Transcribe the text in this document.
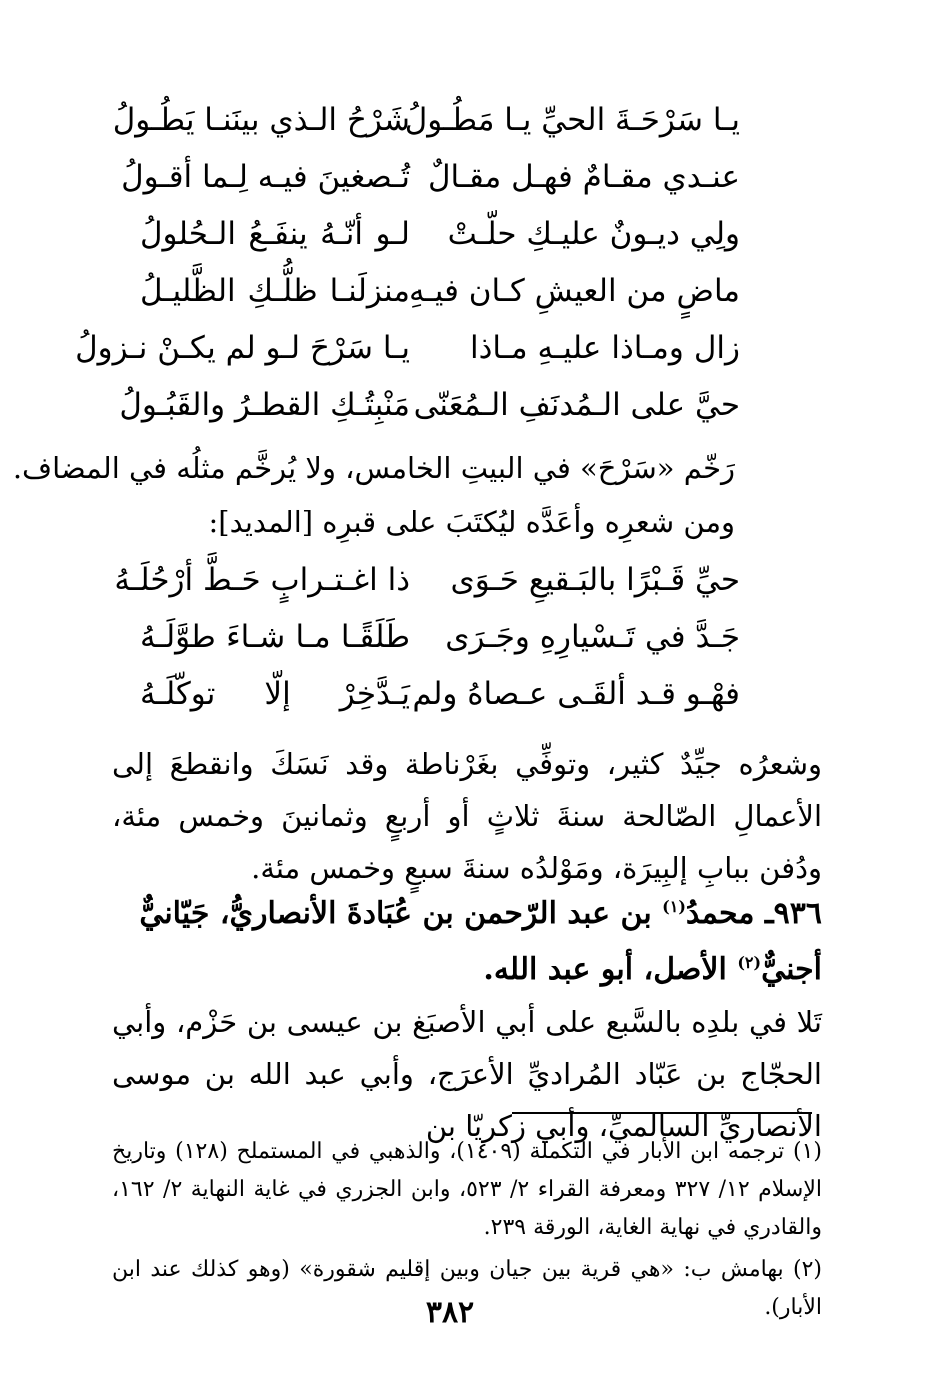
يـا سَرْحَـةَ الحيِّ يـا مَطُـولُ
شَرْحُ الـذي بينَنـا يَطُـولُ
عنـدي مقـامٌ فهـل مقـالٌ
تُـصغينَ فيـه لِـما أقـولُ
ولِي ديـونٌ عليـكِ حلّـتْ
لـو أنّـهُ ينفَـعُ الـحُلولُ
ماضٍ من العيشِ كـان فيـهِ
منزلَنـا ظلُّـكِ الظَّليـلُ
زال ومـاذا عليـهِ مـاذا
يـا سَرْحَ لـو لم يكـنْ نـزولُ
حيَّ على الـمُدنَفِ الـمُعَنّى
مَنْبِتُـكِ القطـرُ والقَبُـولُ
رَخّم «سَرْحَ» في البيتِ الخامس، ولا يُرخَّم مثلُه في المضاف.
ومن شعرِه وأعَدَّه ليُكتَبَ على قبرِه [المديد]:
حيِّ قَـبْرًا بالبَـقيعِ حَـوَى
ذا اغـتـرابٍ حَـطَّ أرْحُلَـهُ
جَـدَّ في تَـسْيارِهِ وجَـرَى
طَلَقًـا مـا شـاءَ طوَّلَـهُ
فهْـو قـد ألقَـى عـصاهُ ولم
يَـدَّخِرْ إلّا توكّلَـهُ

وشعرُه جيِّدٌ كثير، وتوفِّي بغَرْناطة وقد نَسَكَ وانقطعَ إلى الأعمالِ الصّالحة سنةَ ثلاثٍ أو أربعٍ وثمانينَ وخمس مئة، ودُفن ببابِ إلبِيرَة، ومَوْلدُه سنةَ سبعٍ وخمس مئة.

٩٣٦ـ محمدُ$^{(١)}$ بن عبد الرّحمن بن عُبَادةَ الأنصاريُّ، جَيّانيٌّ أجنيٌّ$^{(٢)}$ الأصل، أبو عبد الله.

تَلا في بلدِه بالسَّبع على أبي الأصبَغ بن عيسى بن حَزْم، وأبي الحجّاج بن عَبّاد المُراديِّ الأعرَج، وأبي عبد الله بن موسى الأنصاريِّ السالميِّ، وأبي زكريّا بن

(١) ترجمه ابن الأبار في التكملة (١٤٠٩)، والذهبي في المستملح (١٢٨) وتاريخ الإسلام ١٢/ ٣٢٧ ومعرفة القراء ٢/ ٥٢٣، وابن الجزري في غاية النهاية ٢/ ١٦٢، والقادري في نهاية الغاية، الورقة ٢٣٩.

(٢) بهامش ب: «هي قرية بين جيان وبين إقليم شقورة» (وهو كذلك عند ابن الأبار).

٣٨٢
